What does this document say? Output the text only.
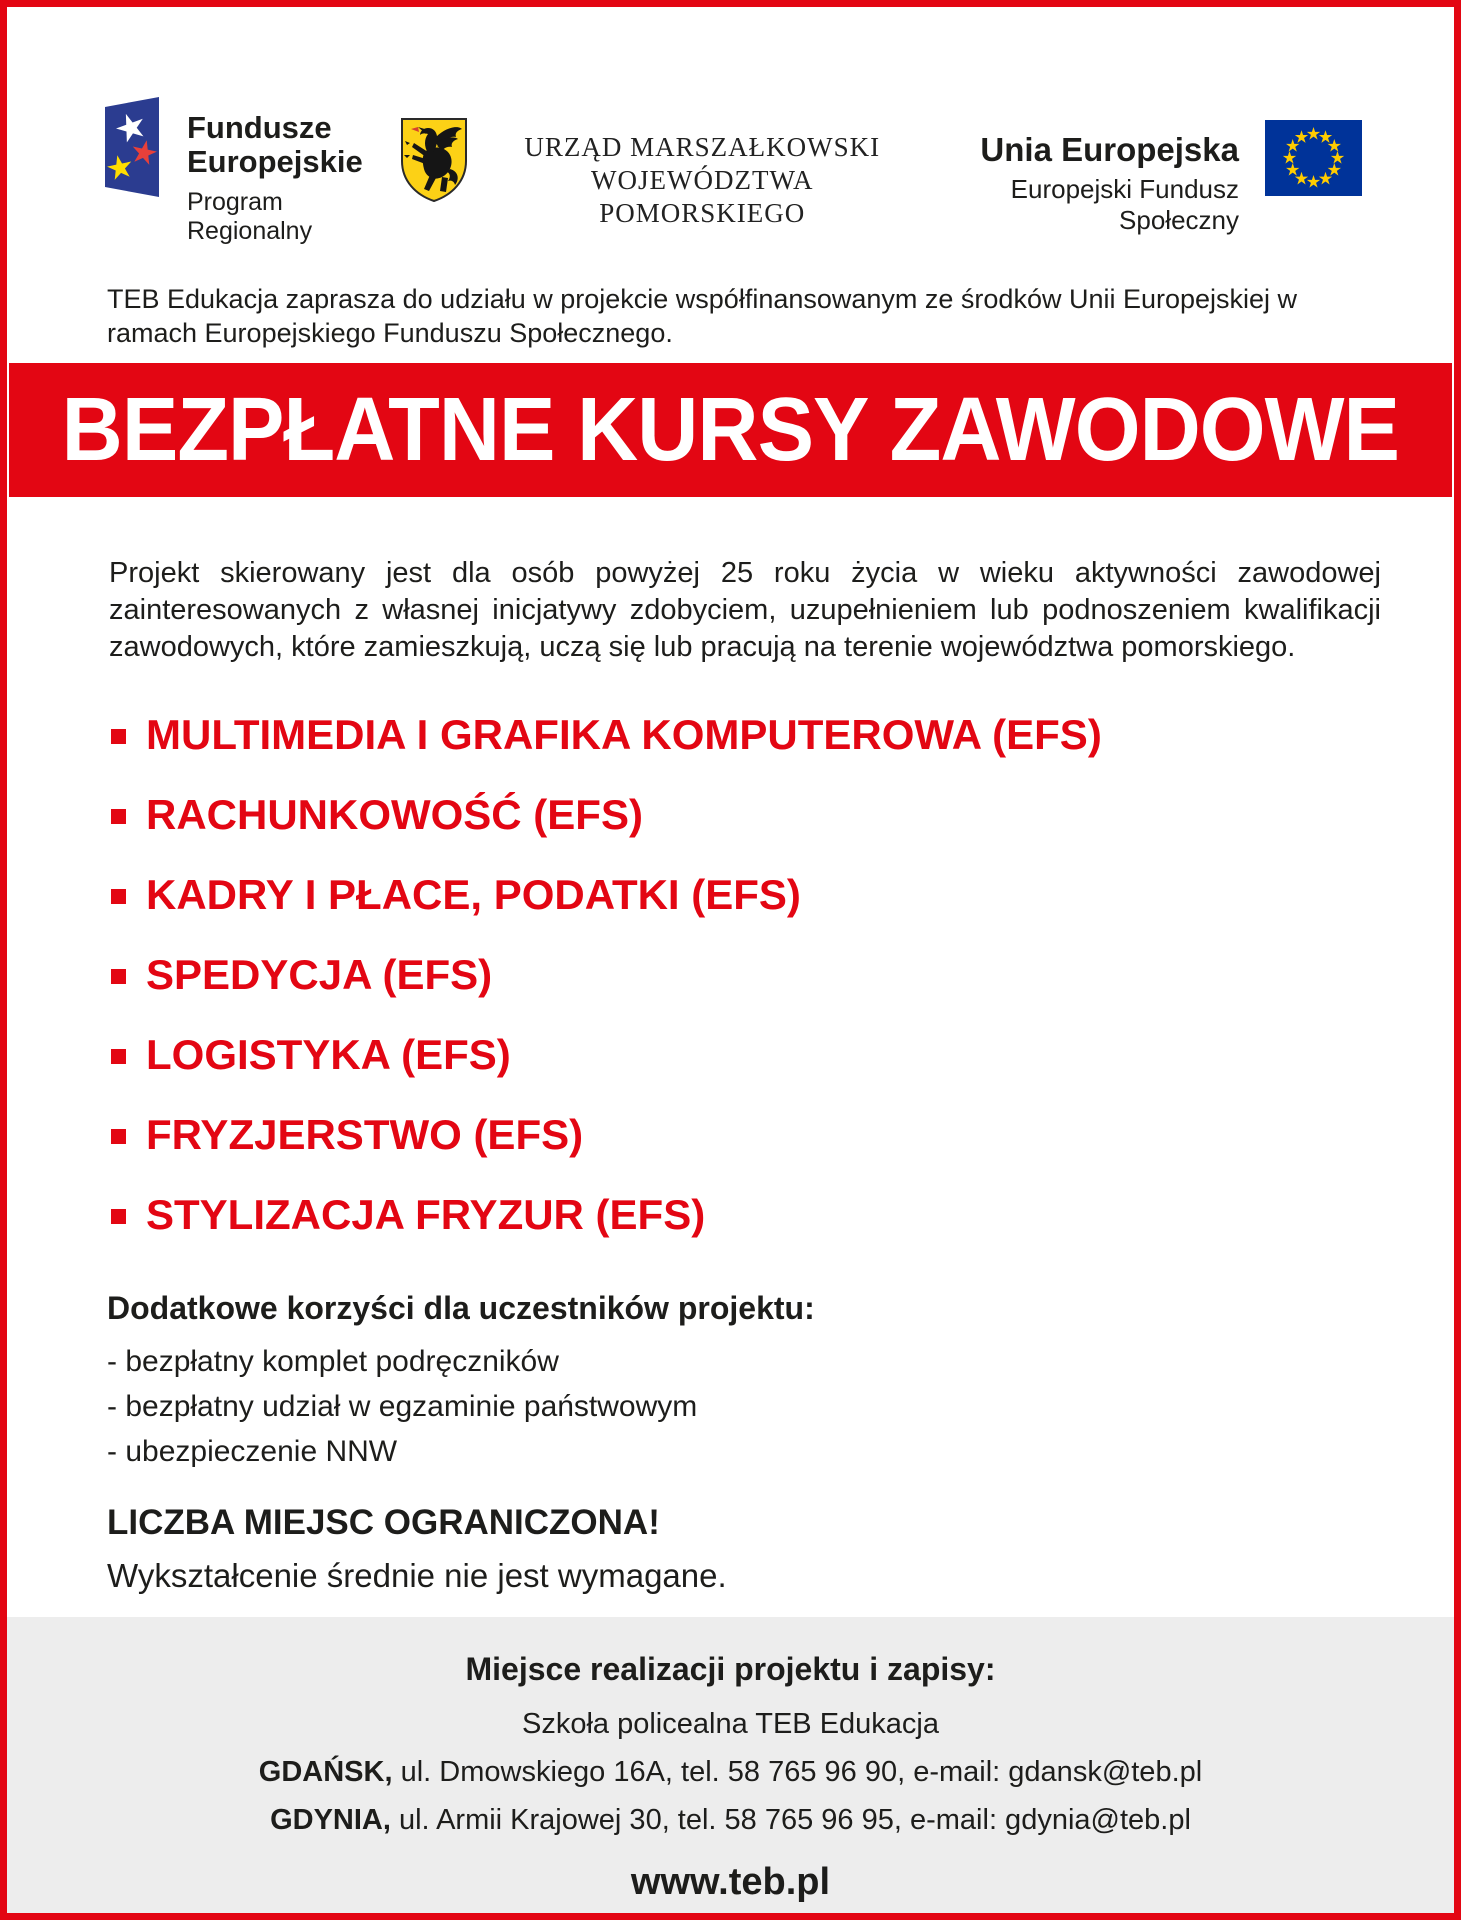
Fundusze
Europejskie
Program Regionalny
URZĄD MARSZAŁKOWSKI
WOJEWÓDZTWA POMORSKIEGO
Unia Europejska
Europejski Fundusz Społeczny

TEB Edukacja zaprasza do udziału w projekcie współfinansowanym ze środków Unii Europejskiej w ramach Europejskiego Funduszu Społecznego.

BEZPŁATNE KURSY ZAWODOWE

Projekt skierowany jest dla osób powyżej 25 roku życia w wieku aktywności zawodowej zainteresowanych z własnej inicjatywy zdobyciem, uzupełnieniem lub podnoszeniem kwalifikacji zawodowych, które zamieszkują, uczą się lub pracują na terenie województwa pomorskiego.

MULTIMEDIA I GRAFIKA KOMPUTEROWA (EFS)
RACHUNKOWOŚĆ (EFS)
KADRY I PŁACE, PODATKI (EFS)
SPEDYCJA (EFS)
LOGISTYKA (EFS)
FRYZJERSTWO (EFS)
STYLIZACJA FRYZUR (EFS)
Dodatkowe korzyści dla uczestników projektu:
- bezpłatny komplet podręczników
- bezpłatny udział w egzaminie państwowym
- ubezpieczenie NNW
LICZBA MIEJSC OGRANICZONA!
Wykształcenie średnie nie jest wymagane.
Miejsce realizacji projektu i zapisy:
Szkoła policealna TEB Edukacja
GDAŃSK, ul. Dmowskiego 16A, tel. 58 765 96 90, e-mail: gdansk@teb.pl
GDYNIA, ul. Armii Krajowej 30, tel. 58 765 96 95, e-mail: gdynia@teb.pl
www.teb.pl
